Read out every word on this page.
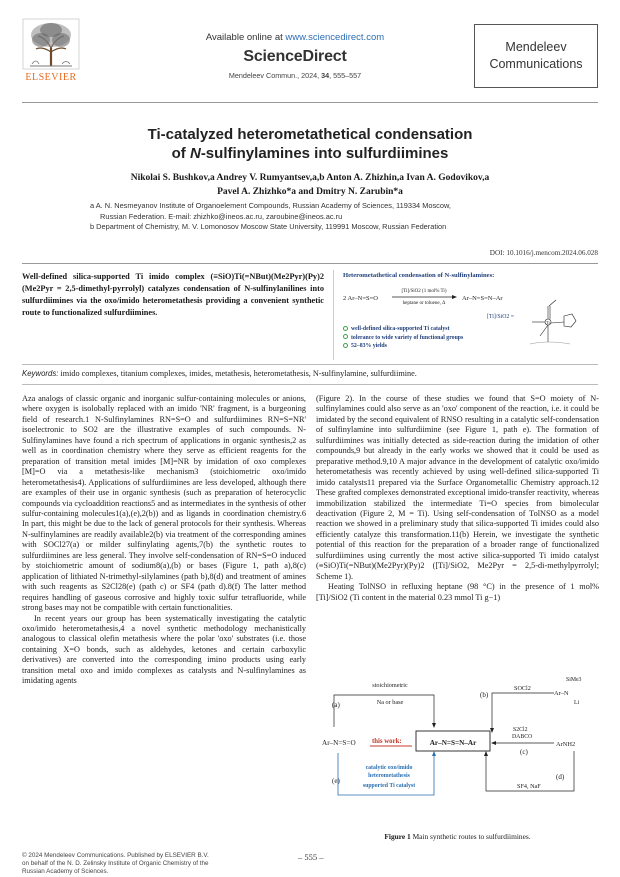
ELSEVIER
Available online at www.sciencedirect.com
ScienceDirect
Mendeleev Commun., 2024, 34, 555–557
Mendeleev
Communications
Ti-catalyzed heterometathetical condensation
of N-sulfinylamines into sulfurdiimines
Nikolai S. Bushkov,a Andrey V. Rumyantsev,a,b Anton A. Zhizhin,a Ivan A. Godovikov,a
Pavel A. Zhizhko*a and Dmitry N. Zarubin*a
a A. N. Nesmeyanov Institute of Organoelement Compounds, Russian Academy of Sciences, 119334 Moscow,
Russian Federation. E-mail: zhizhko@ineos.ac.ru, zaroubine@ineos.ac.ru
b Department of Chemistry, M. V. Lomonosov Moscow State University, 119991 Moscow, Russian Federation
DOI: 10.1016/j.mencom.2024.06.028
Well-defined silica-supported Ti imido complex (≡SiO)Ti(=NBut)(Me2Pyr)(Py)2 (Me2Pyr = 2,5-dimethyl-pyrrolyl) catalyzes condensation of N-sulfinylanilines into sulfurdiimines via the oxo/imido heterometathesis providing a convenient synthetic route to functionalized sulfurdiimines.
2 Ar–N=S=O
[Ti]/SiO2 (1 mol% Ti)
heptane or toluene, Δ
Ar–N=S=N–Ar
[Ti]/SiO2 =
Ti
Heterometathetical condensation of N-sulfinylamines:
well-defined silica-supported Ti catalyst
tolerance to wide variety of functional groups
52–83% yields
Keywords: imido complexes, titanium complexes, imides, metathesis, heterometathesis, N-sulfinylamine, sulfurdiimine.

Aza analogs of classic organic and inorganic sulfur-containing molecules or anions, where oxygen is isolobally replaced with an imido 'NR' fragment, is a burgeoning field of research.1 N-Sulfinylamines RN=S=O and sulfurdiimines RN=S=NR' isoelectronic to SO2 are the illustrative examples of such compounds. N-Sulfinylamines have found a rich spectrum of applications in organic synthesis,2 as well as in coordination chemistry where they serve as efficient reagents for the preparation of transition metal imides [M]=NR by imidation of oxo complexes [M]=O via a metathesis-like mechanism3 (stoichiometric oxo/imido heterometathesis4). Applications of sulfurdiimines are less developed, although there are examples of their use in organic synthesis (such as preparation of heterocyclic compounds via cycloaddition reactions5 and as intermediates in the synthesis of other sulfur-containing molecules1(a),(e),2(b)) and as ligands in coordination chemistry.6 In part, this might be due to the lack of general protocols for their synthesis. Whereas N-sulfinylamines are readily available2(b) via treatment of the corresponding amines with SOCl27(a) or milder sulfinylating agents,7(b) the synthetic routes to sulfurdiimines are less general. They involve self-condensation of RN=S=O induced by stoichiometric amount of sodium8(a),(b) or bases (Figure 1, path a),8(c) application of lithiated N-trimethyl-silylamines (path b),8(d) and treatment of amines with such reagents as S2Cl28(e) (path c) or SF4 (path d).8(f) The latter method requires handling of gaseous corrosive and highly toxic sulfur tetrafluoride, while strong bases may not be compatible with certain functionalities.

In recent years our group has been systematically investigating the catalytic oxo/imido heterometathesis,4 a novel synthetic methodology mechanistically analogous to classical olefin metathesis where the polar 'oxo' substrates (i.e. those containing X=O bonds, such as aldehydes, ketones and certain carboxylic derivatives) are converted into the corresponding imino products using early transition metal oxo and imido complexes as catalysts and N-sulfinylamines as imidating agents

(Figure 2). In the course of these studies we found that S=O moiety of N-sulfinylamines could also serve as an 'oxo' component of the reaction, i.e. it could be imidated by the second equivalent of RNSO resulting in a catalytic self-condensation of sulfinylamine into sulfurdiimine (see Figure 1, path e). The formation of sulfurdiimines was initially detected as side-reaction during the imidation of other compounds,9 but already in the early works we showed that it could be used as preparative method.9,10 A major advance in the development of catalytic oxo/imido heterometathesis was recently achieved by using well-defined silica-supported Ti imido catalysts11 prepared via the Surface Organometallic Chemistry approach.12 These grafted complexes demonstrated exceptional imido-transfer reactivity, whereas immobilization stabilized the intermediate Ti=O species from bimolecular deactivation (Figure 2, M = Ti). Using self-condensation of TolNSO as a model reaction we showed in a preliminary study that silica-supported Ti imides could also efficiently catalyze this transformation.11(b) Herein, we investigate the synthetic potential of this reaction for the preparation of a broader range of functionalized sulfurdiimines using currently the most active silica-supported Ti imido catalyst (≡SiO)Ti(=NBut)(Me2Pyr)(Py)2 ([Ti]/SiO2, Me2Pyr = 2,5-di-methylpyrrolyl; Scheme 1).

Heating TolNSO in refluxing heptane (98 °C) in the presence of 1 mol% [Ti]/SiO2 (Ti content in the material 0.23 mmol Ti g−1)

(a)
stoichiometric
Na or base
Ar–N=S=O	Ar–N=S=N–Ar
this work:
(e)
catalytic oxo/imido
heterometathesis
supported Ti catalyst
(b)
SOCl2
Ar–N
SiMe3
Li
S2Cl2
DABCO
ArNH2
(c)
SF4, NaF
(d)
Figure 1 Main synthetic routes to sulfurdiimines.
© 2024 Mendeleev Communications. Published by ELSEVIER B.V.
on behalf of the N. D. Zelinsky Institute of Organic Chemistry of the
Russian Academy of Sciences.
– 555 –
